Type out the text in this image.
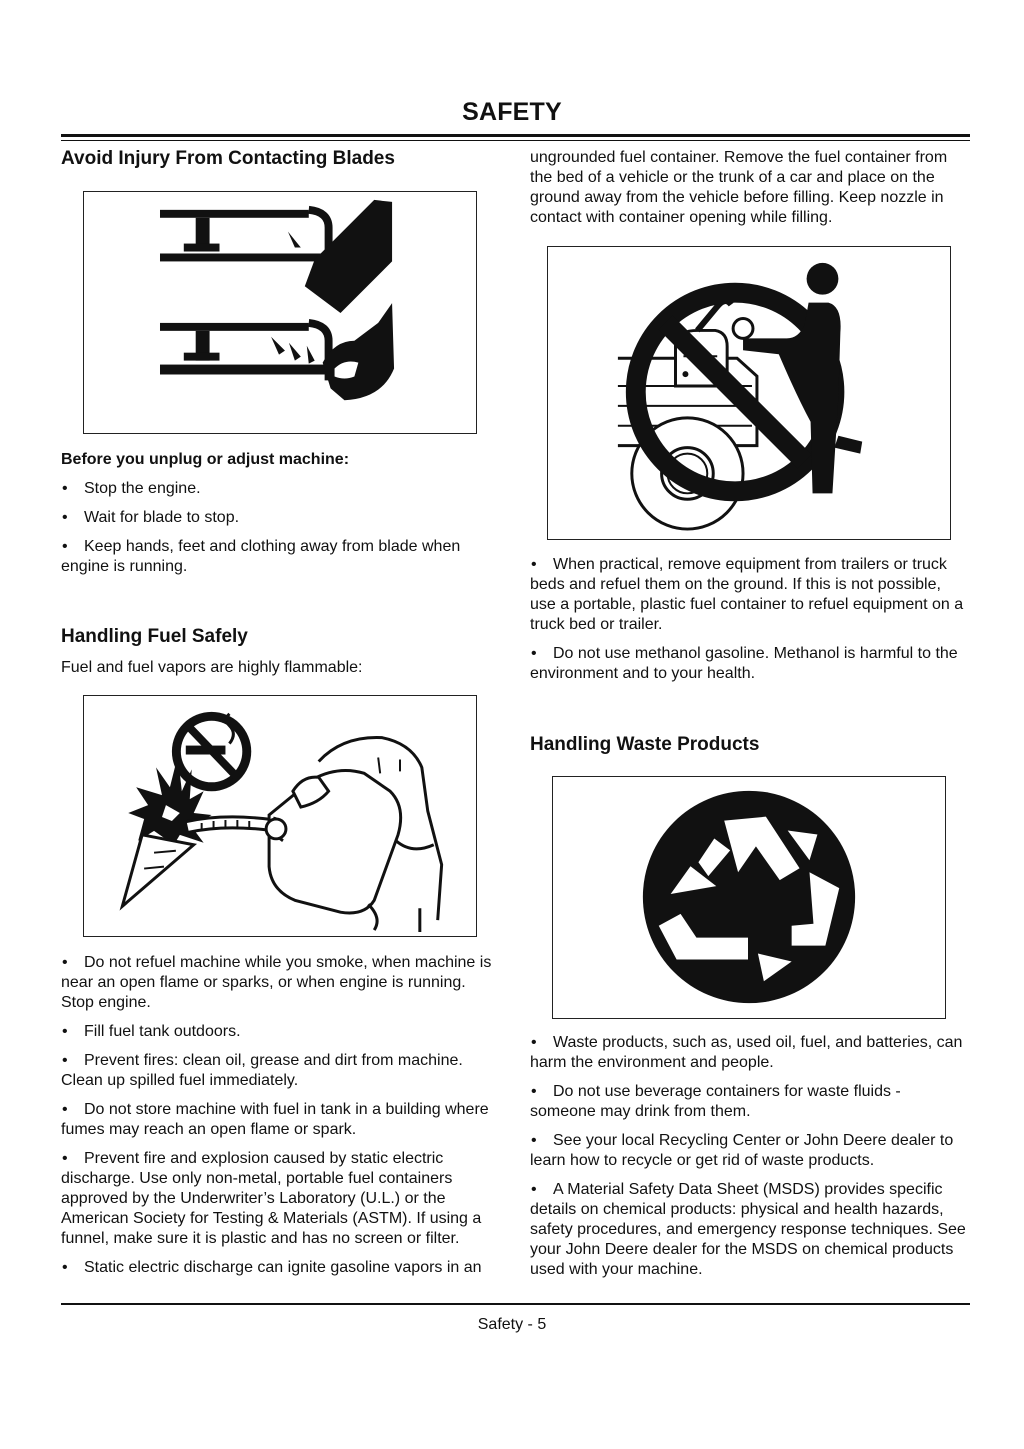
SAFETY
Avoid Injury From Contacting Blades

Before you unplug or adjust machine:

• Stop the engine.

• Wait for blade to stop.

• Keep hands, feet and clothing away from blade when engine is running.

Handling Fuel Safely

Fuel and fuel vapors are highly flammable:

• Do not refuel machine while you smoke, when machine is near an open flame or sparks, or when engine is running. Stop engine.

• Fill fuel tank outdoors.

• Prevent fires: clean oil, grease and dirt from machine. Clean up spilled fuel immediately.

• Do not store machine with fuel in tank in a building where fumes may reach an open flame or spark.

• Prevent fire and explosion caused by static electric discharge. Use only non-metal, portable fuel containers approved by the Underwriter’s Laboratory (U.L.) or the American Society for Testing & Materials (ASTM). If using a funnel, make sure it is plastic and has no screen or filter.

• Static electric discharge can ignite gasoline vapors in an

ungrounded fuel container. Remove the fuel container from the bed of a vehicle or the trunk of a car and place on the ground away from the vehicle before filling. Keep nozzle in contact with container opening while filling.

• When practical, remove equipment from trailers or truck beds and refuel them on the ground. If this is not possible, use a portable, plastic fuel container to refuel equipment on a truck bed or trailer.

• Do not use methanol gasoline. Methanol is harmful to the environment and to your health.

Handling Waste Products

• Waste products, such as, used oil, fuel, and batteries, can harm the environment and people.

• Do not use beverage containers for waste fluids - someone may drink from them.

• See your local Recycling Center or John Deere dealer to learn how to recycle or get rid of waste products.

• A Material Safety Data Sheet (MSDS) provides specific details on chemical products: physical and health hazards, safety procedures, and emergency response techniques. See your John Deere dealer for the MSDS on chemical products used with your machine.

Safety - 5
